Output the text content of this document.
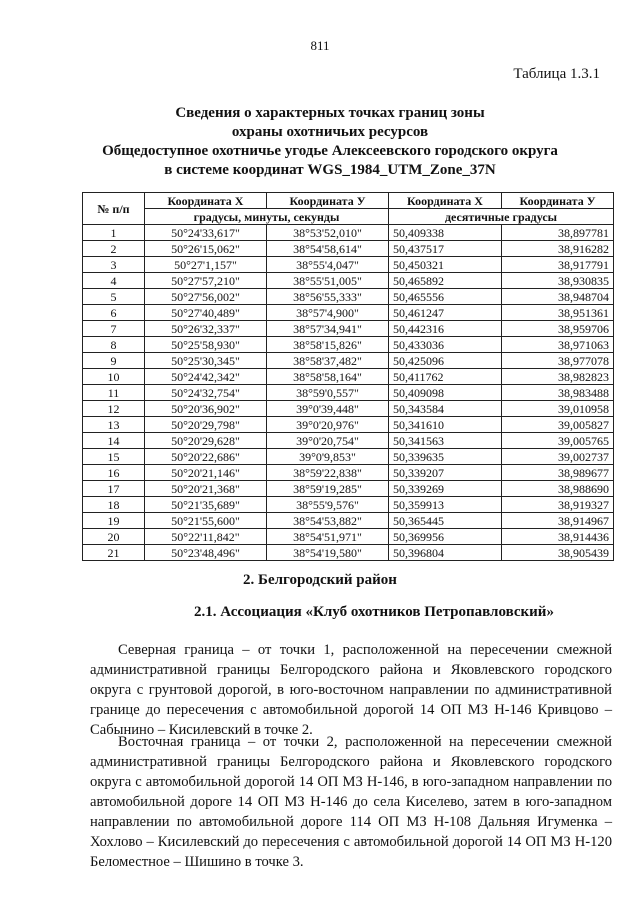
811
Таблица 1.3.1
Сведения о характерных точках границ зоны
охраны охотничьих ресурсов
Общедоступное охотничье угодье Алексеевского городского округа
в системе координат WGS_1984_UTM_Zone_37N
№ п/п	Координата X	Координата У	Координата X	Координата У
	градусы, минуты, секунды		десятичные градусы	
1	50°24'33,617"	38°53'52,010"	50,409338	38,897781
2	50°26'15,062"	38°54'58,614"	50,437517	38,916282
3	50°27'1,157"	38°55'4,047"	50,450321	38,917791
4	50°27'57,210"	38°55'51,005"	50,465892	38,930835
5	50°27'56,002"	38°56'55,333"	50,465556	38,948704
6	50°27'40,489"	38°57'4,900"	50,461247	38,951361
7	50°26'32,337"	38°57'34,941"	50,442316	38,959706
8	50°25'58,930"	38°58'15,826"	50,433036	38,971063
9	50°25'30,345"	38°58'37,482"	50,425096	38,977078
10	50°24'42,342"	38°58'58,164"	50,411762	38,982823
11	50°24'32,754"	38°59'0,557"	50,409098	38,983488
12	50°20'36,902"	39°0'39,448"	50,343584	39,010958
13	50°20'29,798"	39°0'20,976"	50,341610	39,005827
14	50°20'29,628"	39°0'20,754"	50,341563	39,005765
15	50°20'22,686"	39°0'9,853"	50,339635	39,002737
16	50°20'21,146"	38°59'22,838"	50,339207	38,989677
17	50°20'21,368"	38°59'19,285"	50,339269	38,988690
18	50°21'35,689"	38°55'9,576"	50,359913	38,919327
19	50°21'55,600"	38°54'53,882"	50,365445	38,914967
20	50°22'11,842"	38°54'51,971"	50,369956	38,914436
21	50°23'48,496"	38°54'19,580"	50,396804	38,905439
2. Белгородский район
2.1. Ассоциация «Клуб охотников Петропавловский»
Северная граница – от точки 1, расположенной на пересечении смежной административной границы Белгородского района и Яковлевского городского округа с грунтовой дорогой, в юго-восточном направлении по административной границе до пересечения с автомобильной дорогой 14 ОП МЗ Н-146 Кривцово – Сабынино – Кисилевский в точке 2.
Восточная граница – от точки 2, расположенной на пересечении смежной административной границы Белгородского района и Яковлевского городского округа с автомобильной дорогой 14 ОП МЗ Н-146, в юго-западном направлении по автомобильной дороге 14 ОП МЗ Н-146 до села Киселево, затем в юго-западном направлении по автомобильной дороге 114 ОП МЗ Н-108 Дальняя Игуменка – Хохлово – Кисилевский до пересечения с автомобильной дорогой 14 ОП МЗ Н-120 Беломестное – Шишино в точке 3.
